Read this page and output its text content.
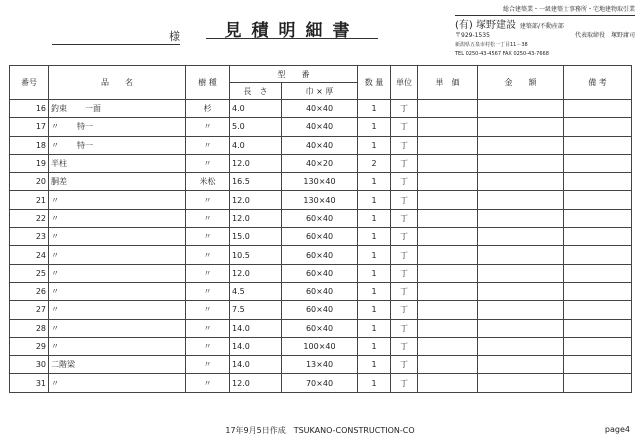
様	見積明細書
総合建築業・一級建築士事務所・宅地建物取引業
(有) 塚野建設 建築部/不動産部
〒929-1535	代表取締役　塚野庸司
新潟県五泉市村松一丁目11－38
TEL 0250-43-4567 FAX 0250-43-7668
番号	品　　名	樹 種	型　　番		数 量	単位	単　価	金　　額	備 考
			長　さ	巾 × 厚					
16	釣束 一面	杉	4.0	40×40	1	丁			
17	〃 特一	〃	5.0	40×40	1	丁			
18	〃 特一	〃	4.0	40×40	1	丁			
19	半柱	〃	12.0	40×20	2	丁			
20	胴差	米松	16.5	130×40	1	丁			
21	〃	〃	12.0	130×40	1	丁			
22	〃	〃	12.0	60×40	1	丁			
23	〃	〃	15.0	60×40	1	丁			
24	〃	〃	10.5	60×40	1	丁			
25	〃	〃	12.0	60×40	1	丁			
26	〃	〃	4.5	60×40	1	丁			
27	〃	〃	7.5	60×40	1	丁			
28	〃	〃	14.0	60×40	1	丁			
29	〃	〃	14.0	100×40	1	丁			
30	二階梁	〃	14.0	13×40	1	丁			
31	〃	〃	12.0	70×40	1	丁			
17年9月5日作成　TSUKANO-CONSTRUCTION-CO	page4
